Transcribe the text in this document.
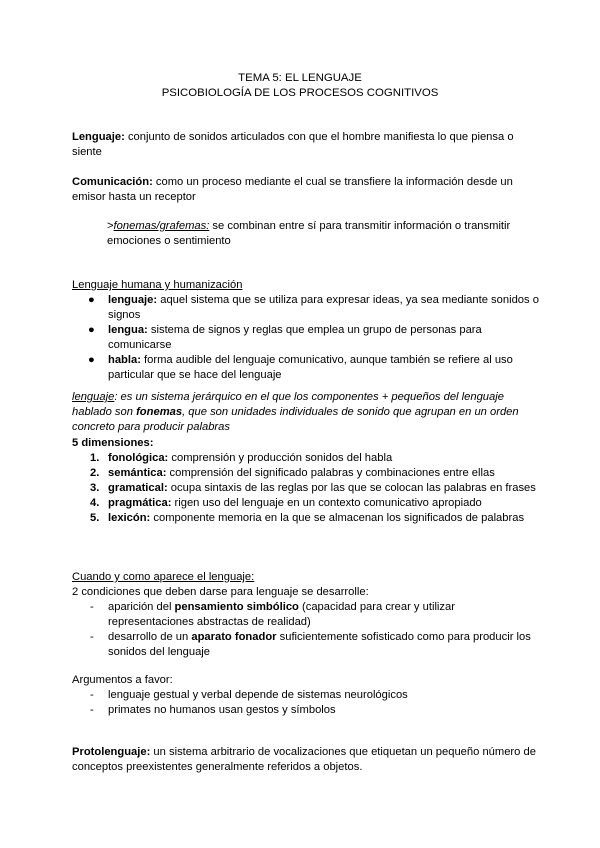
TEMA 5: EL LENGUAJE
PSICOBIOLOGÍA DE LOS PROCESOS COGNITIVOS
Lenguaje: conjunto de sonidos articulados con que el hombre manifiesta lo que piensa o siente
Comunicación: como un proceso mediante el cual se transfiere la información desde un emisor hasta un receptor
>fonemas/grafemas: se combinan entre sí para transmitir información o transmitir emociones o sentimiento
Lenguaje humana y humanización
● lenguaje: aquel sistema que se utiliza para expresar ideas, ya sea mediante sonidos o signos
● lengua: sistema de signos y reglas que emplea un grupo de personas para comunicarse
● habla: forma audible del lenguaje comunicativo, aunque también se refiere al uso particular que se hace del lenguaje
lenguaje: es un sistema jerárquico en el que los componentes + pequeños del lenguaje hablado son fonemas, que son unidades individuales de sonido que agrupan en un orden concreto para producir palabras
5 dimensiones:
1. fonológica: comprensión y producción sonidos del habla
2. semántica: comprensión del significado palabras y combinaciones entre ellas
3. gramatical: ocupa sintaxis de las reglas por las que se colocan las palabras en frases
4. pragmática: rigen uso del lenguaje en un contexto comunicativo apropiado
5. lexicón: componente memoria en la que se almacenan los significados de palabras
Cuando y como aparece el lenguaje:
2 condiciones que deben darse para lenguaje se desarrolle:
- aparición del pensamiento simbólico (capacidad para crear y utilizar representaciones abstractas de realidad)
- desarrollo de un aparato fonador suficientemente sofisticado como para producir los sonidos del lenguaje
Argumentos a favor:
- lenguaje gestual y verbal depende de sistemas neurológicos
- primates no humanos usan gestos y símbolos
Protolenguaje: un sistema arbitrario de vocalizaciones que etiquetan un pequeño número de conceptos preexistentes generalmente referidos a objetos.
